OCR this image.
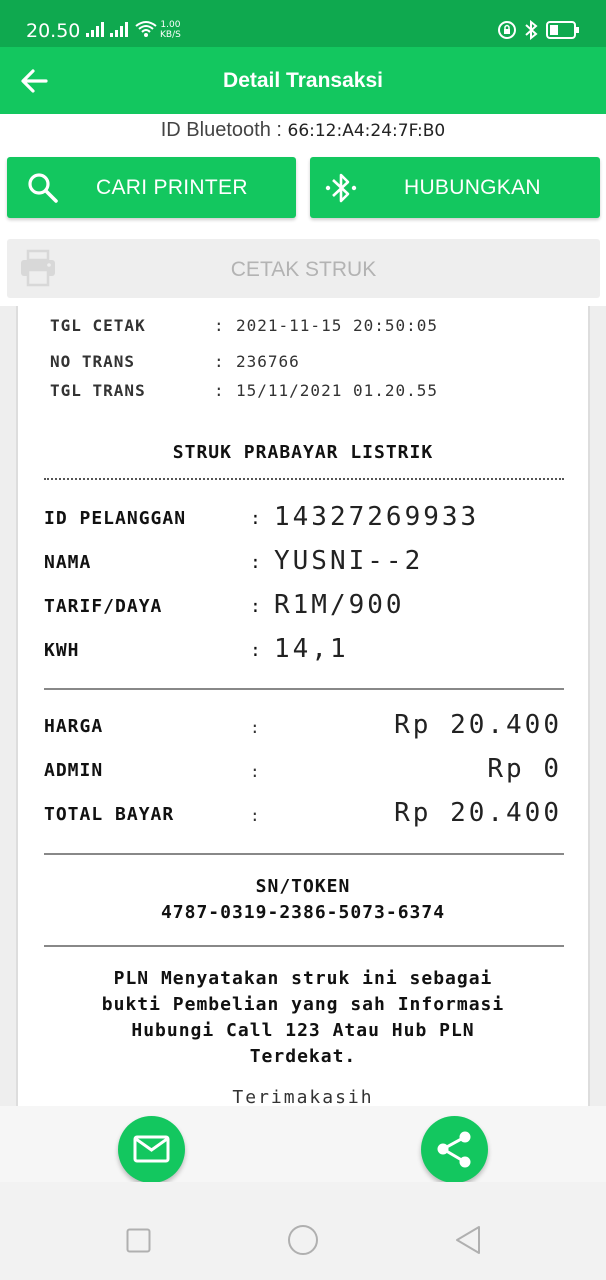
20.50	1.00
KB/S

Detail Transaksi
ID Bluetooth : 66:12:A4:24:7F:B0
CARI PRINTER	HUBUNGKAN
CETAK STRUK
TGL CETAK	: 2021-11-15 20:50:05
NO TRANS	: 236766
TGL TRANS	: 15/11/2021 01.20.55
STRUK PRABAYAR LISTRIK
ID PELANGGAN	: 14327269933
NAMA	: YUSNI--2
TARIF/DAYA	: R1M/900
KWH	: 14,1
HARGA	:	Rp 20.400
ADMIN	:	Rp 0
TOTAL BAYAR	:	Rp 20.400
SN/TOKEN
4787-0319-2386-5073-6374
PLN Menyatakan struk ini sebagai
bukti Pembelian yang sah Informasi
Hubungi Call 123 Atau Hub PLN
Terdekat.
Terimakasih
